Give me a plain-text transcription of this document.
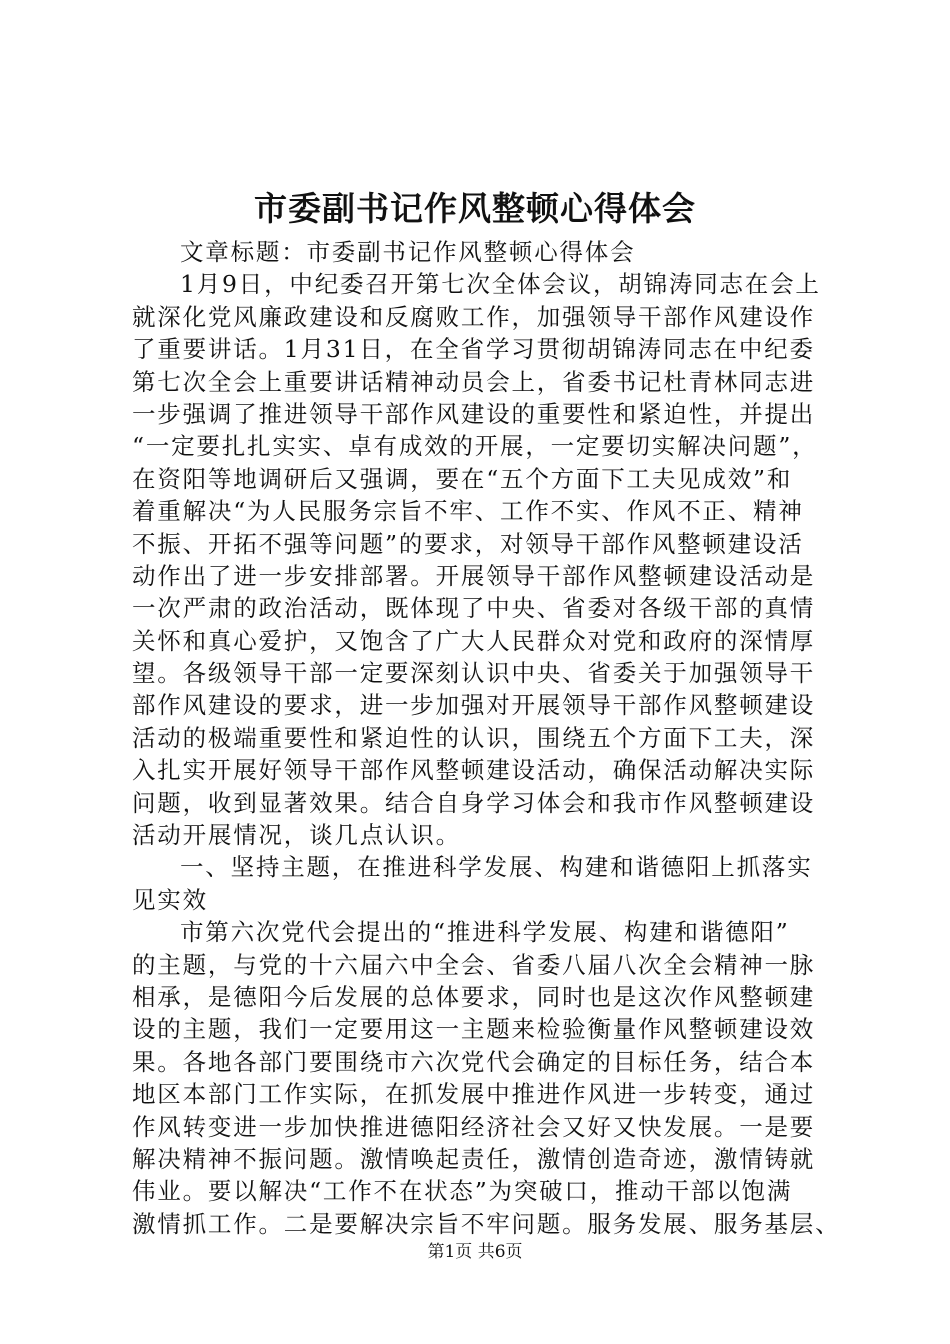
市委副书记作风整顿心得体会
文章标题：市委副书记作风整顿心得体会
1月9日，中纪委召开第七次全体会议，胡锦涛同志在会上
就深化党风廉政建设和反腐败工作，加强领导干部作风建设作
了重要讲话。1月31日，在全省学习贯彻胡锦涛同志在中纪委
第七次全会上重要讲话精神动员会上，省委书记杜青林同志进
一步强调了推进领导干部作风建设的重要性和紧迫性，并提出
“一定要扎扎实实、卓有成效的开展，一定要切实解决问题”，
在资阳等地调研后又强调，要在“五个方面下工夫见成效”和
着重解决“为人民服务宗旨不牢、工作不实、作风不正、精神
不振、开拓不强等问题”的要求，对领导干部作风整顿建设活
动作出了进一步安排部署。开展领导干部作风整顿建设活动是
一次严肃的政治活动，既体现了中央、省委对各级干部的真情
关怀和真心爱护，又饱含了广大人民群众对党和政府的深情厚
望。各级领导干部一定要深刻认识中央、省委关于加强领导干
部作风建设的要求，进一步加强对开展领导干部作风整顿建设
活动的极端重要性和紧迫性的认识，围绕五个方面下工夫，深
入扎实开展好领导干部作风整顿建设活动，确保活动解决实际
问题，收到显著效果。结合自身学习体会和我市作风整顿建设
活动开展情况，谈几点认识。
一、坚持主题，在推进科学发展、构建和谐德阳上抓落实
见实效
市第六次党代会提出的“推进科学发展、构建和谐德阳”
的主题，与党的十六届六中全会、省委八届八次全会精神一脉
相承，是德阳今后发展的总体要求，同时也是这次作风整顿建
设的主题，我们一定要用这一主题来检验衡量作风整顿建设效
果。各地各部门要围绕市六次党代会确定的目标任务，结合本
地区本部门工作实际，在抓发展中推进作风进一步转变，通过
作风转变进一步加快推进德阳经济社会又好又快发展。一是要
解决精神不振问题。激情唤起责任，激情创造奇迹，激情铸就
伟业。要以解决“工作不在状态”为突破口，推动干部以饱满
激情抓工作。二是要解决宗旨不牢问题。服务发展、服务基层、
第1页 共6页
